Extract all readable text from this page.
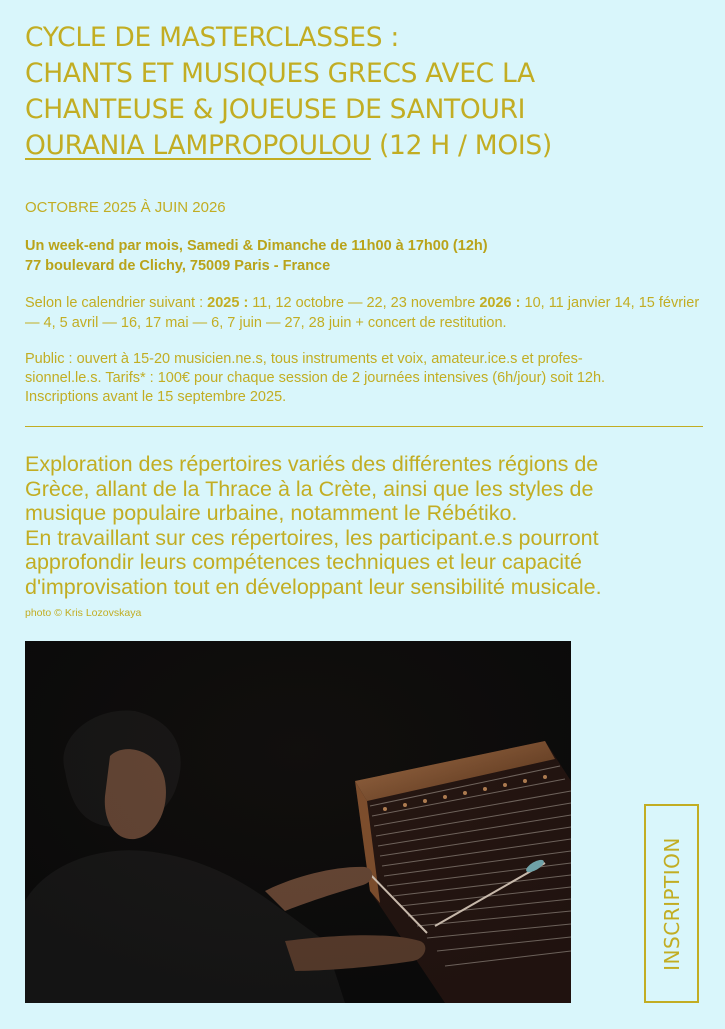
CYCLE DE MASTERCLASSES :
CHANTS ET MUSIQUES GRECS AVEC LA
CHANTEUSE & JOUEUSE DE SANTOURI
OURANIA LAMPROPOULOU (12 H / MOIS)
OCTOBRE 2025 À JUIN 2026
Un week-end par mois, Samedi & Dimanche de 11h00 à 17h00 (12h)
77 boulevard de Clichy, 75009 Paris - France
Selon le calendrier suivant : 2025 : 11, 12 octobre — 22, 23 novembre 2026 : 10, 11 janvier 14, 15 février — 4, 5 avril — 16, 17 mai — 6, 7 juin — 27, 28 juin + concert de restitution.
Public : ouvert à 15-20 musicien.ne.s, tous instruments et voix, amateur.ice.s et profes-
sionnel.le.s. Tarifs* : 100€ pour chaque session de 2 journées intensives (6h/jour) soit 12h.
Inscriptions avant le 15 septembre 2025.
Exploration des répertoires variés des différentes régions de
Grèce, allant de la Thrace à la Crète, ainsi que les styles de
musique populaire urbaine, notamment le Rébétiko.
En travaillant sur ces répertoires, les participant.e.s pourront
approfondir leurs compétences techniques et leur capacité
d'improvisation tout en développant leur sensibilité musicale.
photo © Kris Lozovskaya
INSCRIPTION
